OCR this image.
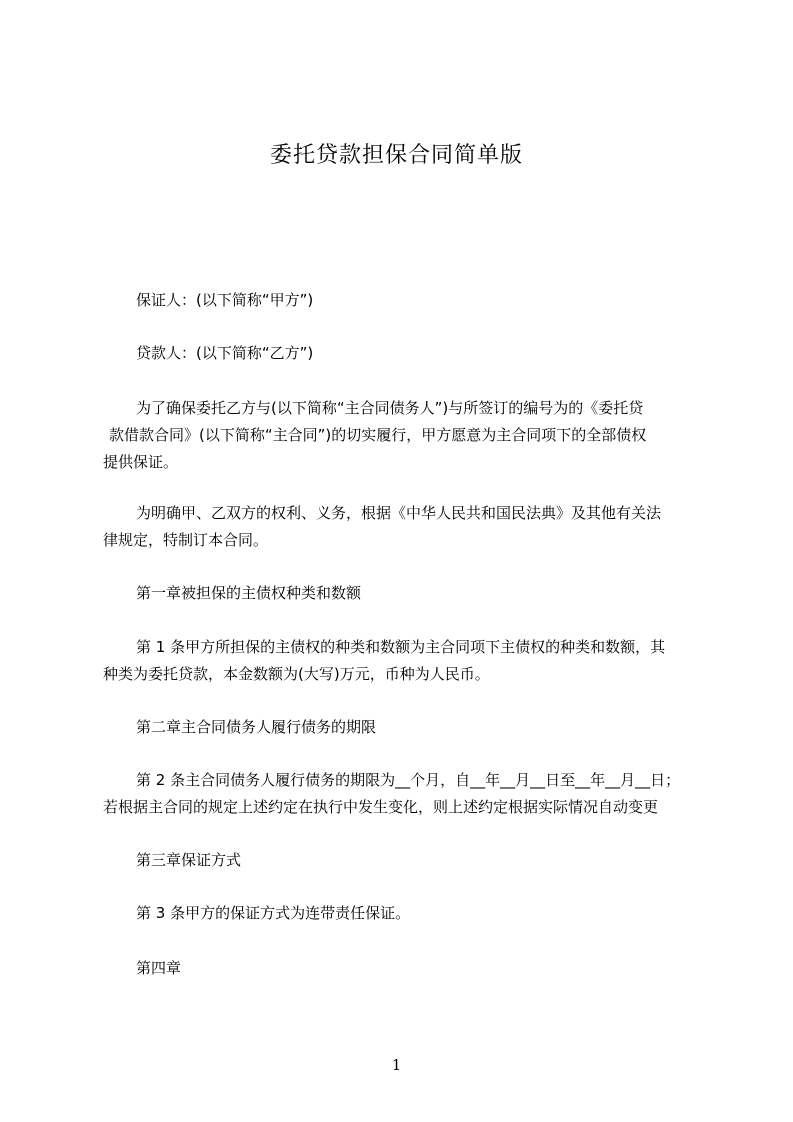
委托贷款担保合同简单版

保证人：(以下简称“甲方”)

贷款人：(以下简称“乙方”)

为了确保委托乙方与(以下简称“主合同债务人”)与所签订的编号为的《委托贷
款借款合同》(以下简称“主合同”)的切实履行，甲方愿意为主合同项下的全部债权
提供保证。

为明确甲、乙双方的权利、义务，根据《中华人民共和国民法典》及其他有关法
律规定，特制订本合同。

第一章被担保的主债权种类和数额

第 1 条甲方所担保的主债权的种类和数额为主合同项下主债权的种类和数额，其
种类为委托贷款，本金数额为(大写)万元，币种为人民币。

第二章主合同债务人履行债务的期限

第 2 条主合同债务人履行债务的期限为__个月，自__年__月__日至__年__月__日；
若根据主合同的规定上述约定在执行中发生变化，则上述约定根据实际情况自动变更

第三章保证方式

第 3 条甲方的保证方式为连带责任保证。

第四章

1
